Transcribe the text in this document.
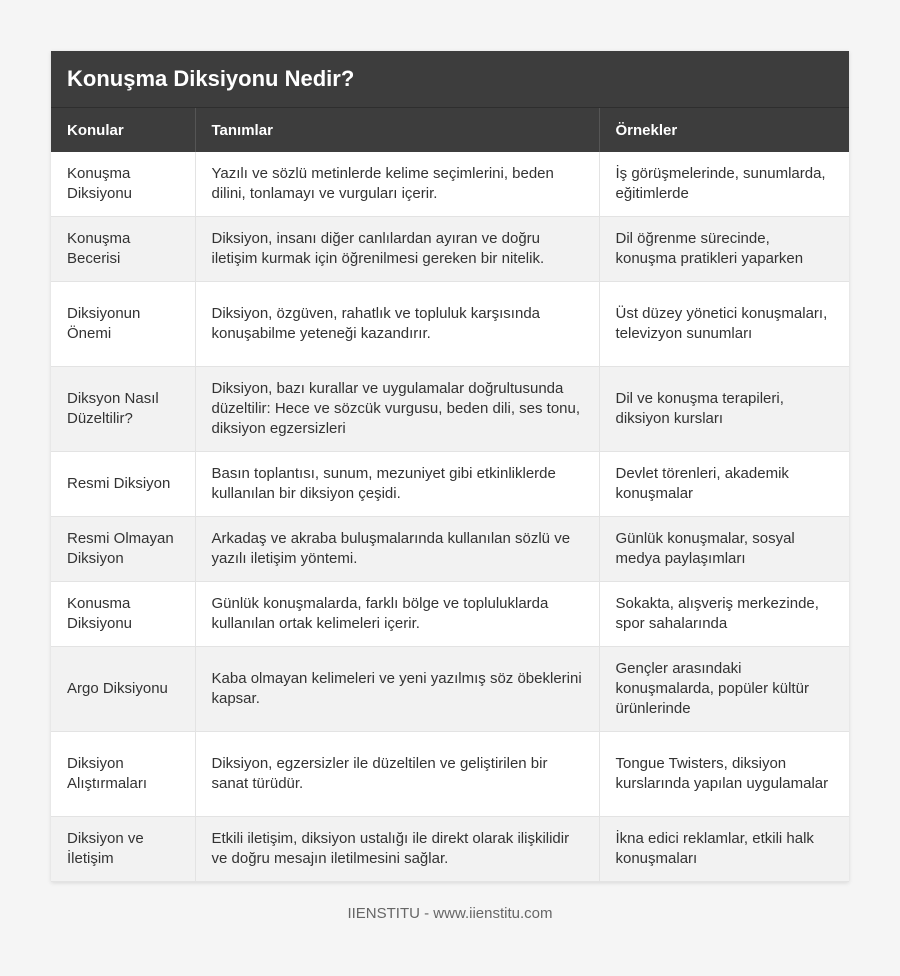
Konuşma Diksiyonu Nedir?
Konular	Tanımlar	Örnekler
Konuşma Diksiyonu	Yazılı ve sözlü metinlerde kelime seçimlerini, beden dilini, tonlamayı ve vurguları içerir.	İş görüşmelerinde, sunumlarda, eğitimlerde
Konuşma Becerisi	Diksiyon, insanı diğer canlılardan ayıran ve doğru iletişim kurmak için öğrenilmesi gereken bir nitelik.	Dil öğrenme sürecinde, konuşma pratikleri yaparken
Diksiyonun Önemi	Diksiyon, özgüven, rahatlık ve topluluk karşısında konuşabilme yeteneği kazandırır.	Üst düzey yönetici konuşmaları, televizyon sunumları
Diksyon Nasıl Düzeltilir?	Diksiyon, bazı kurallar ve uygulamalar doğrultusunda düzeltilir: Hece ve sözcük vurgusu, beden dili, ses tonu, diksiyon egzersizleri	Dil ve konuşma terapileri, diksiyon kursları
Resmi Diksiyon	Basın toplantısı, sunum, mezuniyet gibi etkinliklerde kullanılan bir diksiyon çeşidi.	Devlet törenleri, akademik konuşmalar
Resmi Olmayan Diksiyon	Arkadaş ve akraba buluşmalarında kullanılan sözlü ve yazılı iletişim yöntemi.	Günlük konuşmalar, sosyal medya paylaşımları
Konusma Diksiyonu	Günlük konuşmalarda, farklı bölge ve topluluklarda kullanılan ortak kelimeleri içerir.	Sokakta, alışveriş merkezinde, spor sahalarında
Argo Diksiyonu	Kaba olmayan kelimeleri ve yeni yazılmış söz öbeklerini kapsar.	Gençler arasındaki konuşmalarda, popüler kültür ürünlerinde
Diksiyon Alıştırmaları	Diksiyon, egzersizler ile düzeltilen ve geliştirilen bir sanat türüdür.	Tongue Twisters, diksiyon kurslarında yapılan uygulamalar
Diksiyon ve İletişim	Etkili iletişim, diksiyon ustalığı ile direkt olarak ilişkilidir ve doğru mesajın iletilmesini sağlar.	İkna edici reklamlar, etkili halk konuşmaları
IIENSTITU - www.iienstitu.com
